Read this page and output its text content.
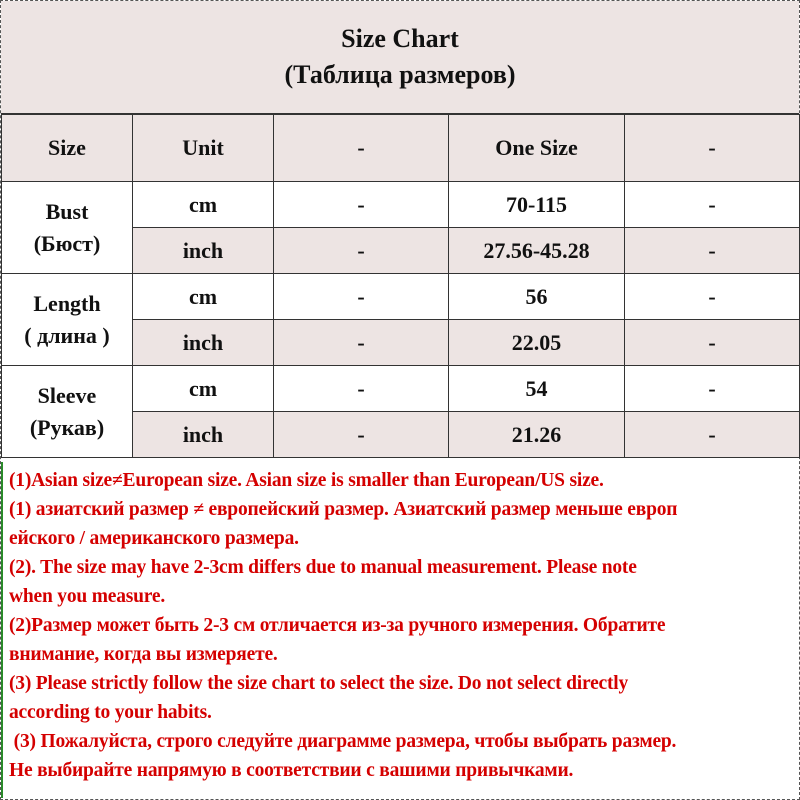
Size Chart
(Таблица размеров)
Size	Unit	-	One Size	-

Bust
(Бюст)	cm	-	70-115	-
	inch	-	27.56-45.28	-

Length
( длина )	cm	-	56	-
	inch	-	22.05	-

Sleeve
(Рукав)	cm	-	54	-
	inch	-	21.26	-
(1)Asian size≠European size. Asian size is smaller than European/US size.
(1) азиатский размер ≠ европейский размер. Азиатский размер меньше европ
ейского / американского размера.
(2). The size may have 2-3cm differs due to manual measurement. Please note
when you measure.
(2)Размер может быть 2-3 см отличается из-за ручного измерения. Обратите
внимание, когда вы измеряете.
(3) Please strictly follow the size chart to select the size. Do not select directly
according to your habits.
(3) Пожалуйста, строго следуйте диаграмме размера, чтобы выбрать размер.
Не выбирайте напрямую в соответствии с вашими привычками.
